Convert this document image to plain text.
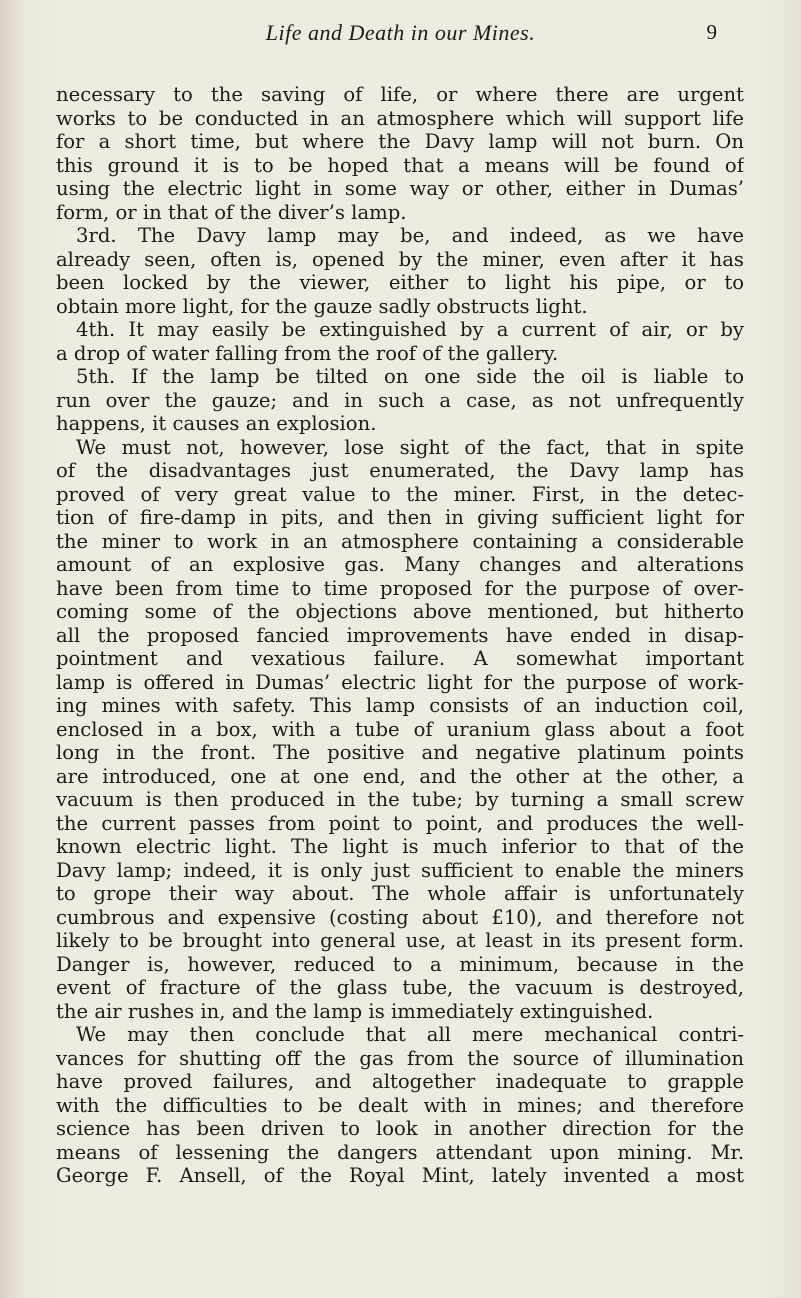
Life and Death in our Mines.	9
necessary to the saving of life, or where there are urgent
works to be conducted in an atmosphere which will support life
for a short time, but where the Davy lamp will not burn. On
this ground it is to be hoped that a means will be found of
using the electric light in some way or other, either in Dumas’
form, or in that of the diver’s lamp.
3rd. The Davy lamp may be, and indeed, as we have
already seen, often is, opened by the miner, even after it has
been locked by the viewer, either to light his pipe, or to
obtain more light, for the gauze sadly obstructs light.
4th. It may easily be extinguished by a current of air, or by
a drop of water falling from the roof of the gallery.
5th. If the lamp be tilted on one side the oil is liable to
run over the gauze; and in such a case, as not unfrequently
happens, it causes an explosion.
We must not, however, lose sight of the fact, that in spite
of the disadvantages just enumerated, the Davy lamp has
proved of very great value to the miner. First, in the detec-
tion of fire-damp in pits, and then in giving sufficient light for
the miner to work in an atmosphere containing a considerable
amount of an explosive gas. Many changes and alterations
have been from time to time proposed for the purpose of over-
coming some of the objections above mentioned, but hitherto
all the proposed fancied improvements have ended in disap-
pointment and vexatious failure. A somewhat important
lamp is offered in Dumas’ electric light for the purpose of work-
ing mines with safety. This lamp consists of an induction coil,
enclosed in a box, with a tube of uranium glass about a foot
long in the front. The positive and negative platinum points
are introduced, one at one end, and the other at the other, a
vacuum is then produced in the tube; by turning a small screw
the current passes from point to point, and produces the well-
known electric light. The light is much inferior to that of the
Davy lamp; indeed, it is only just sufficient to enable the miners
to grope their way about. The whole affair is unfortunately
cumbrous and expensive (costing about £10), and therefore not
likely to be brought into general use, at least in its present form.
Danger is, however, reduced to a minimum, because in the
event of fracture of the glass tube, the vacuum is destroyed,
the air rushes in, and the lamp is immediately extinguished.
We may then conclude that all mere mechanical contri-
vances for shutting off the gas from the source of illumination
have proved failures, and altogether inadequate to grapple
with the difficulties to be dealt with in mines; and therefore
science has been driven to look in another direction for the
means of lessening the dangers attendant upon mining. Mr.
George F. Ansell, of the Royal Mint, lately invented a most
